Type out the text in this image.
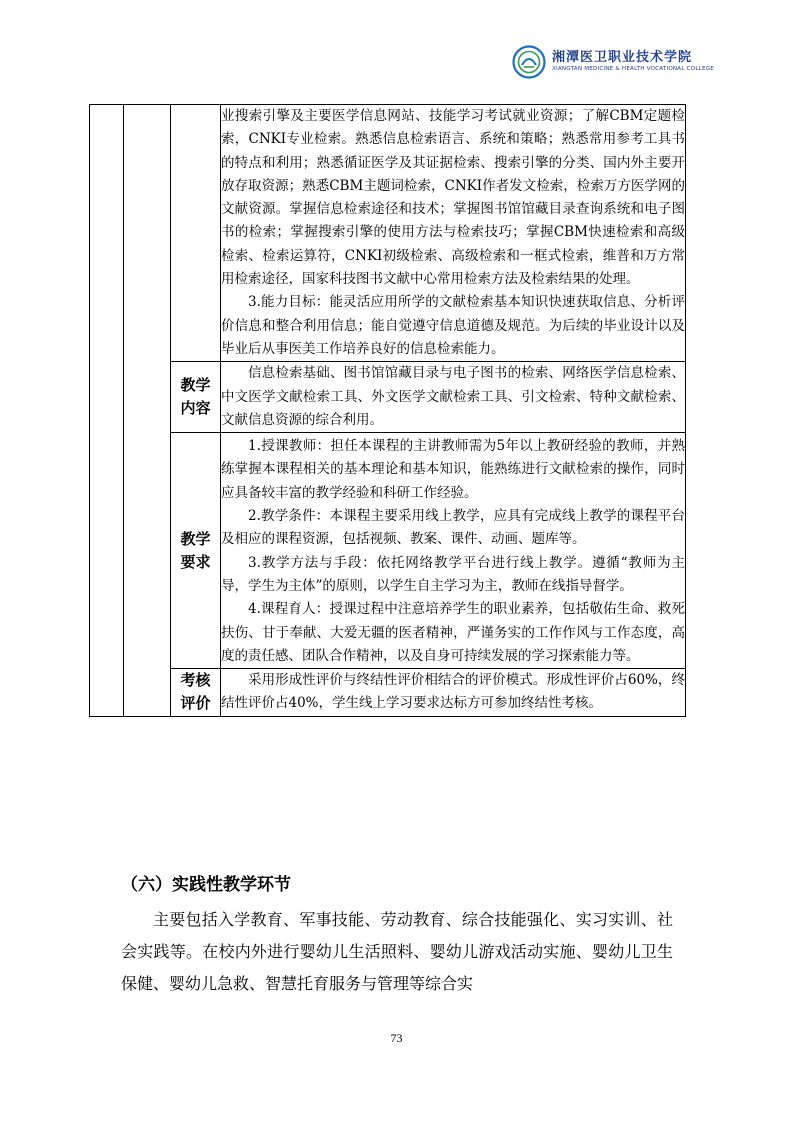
湘潭医卫职业技术学院
XIANGTAN MEDICINE & HEALTH VOCATIONAL COLLEGE

			业搜索引擎及主要医学信息网站、技能学习考试就业资源；了解CBM定题检索，CNKI专业检索。熟悉信息检索语言、系统和策略；熟悉常用参考工具书的特点和利用；熟悉循证医学及其证据检索、搜索引擎的分类、国内外主要开放存取资源；熟悉CBM主题词检索，CNKI作者发文检索，检索万方医学网的文献资源。掌握信息检索途径和技术；掌握图书馆馆藏目录查询系统和电子图书的检索；掌握搜索引擎的使用方法与检索技巧；掌握CBM快速检索和高级检索、检索运算符，CNKI初级检索、高级检索和一框式检索，维普和万方常用检索途径，国家科技图书文献中心常用检索方法及检索结果的处理。

3.能力目标：能灵活应用所学的文献检索基本知识快速获取信息、分析评价信息和整合利用信息；能自觉遵守信息道德及规范。为后续的毕业设计以及毕业后从事医美工作培养良好的信息检索能力。

		教学内容	信息检索基础、图书馆馆藏目录与电子图书的检索、网络医学信息检索、中文医学文献检索工具、外文医学文献检索工具、引文检索、特种文献检索、文献信息资源的综合利用。

		教学要求	1.授课教师：担任本课程的主讲教师需为5年以上教研经验的教师，并熟练掌握本课程相关的基本理论和基本知识，能熟练进行文献检索的操作，同时应具备较丰富的教学经验和科研工作经验。

2.教学条件：本课程主要采用线上教学，应具有完成线上教学的课程平台及相应的课程资源，包括视频、教案、课件、动画、题库等。

3.教学方法与手段：依托网络教学平台进行线上教学。遵循“教师为主导，学生为主体”的原则，以学生自主学习为主，教师在线指导督学。

4.课程育人：授课过程中注意培养学生的职业素养，包括敬佑生命、救死扶伤、甘于奉献、大爱无疆的医者精神，严谨务实的工作作风与工作态度，高度的责任感、团队合作精神，以及自身可持续发展的学习探索能力等。

		考核评价	采用形成性评价与终结性评价相结合的评价模式。形成性评价占60%，终结性评价占40%，学生线上学习要求达标方可参加终结性考核。

（六）实践性教学环节
主要包括入学教育、军事技能、劳动教育、综合技能强化、实习实训、社会实践等。在校内外进行婴幼儿生活照料、婴幼儿游戏活动实施、婴幼儿卫生保健、婴幼儿急救、智慧托育服务与管理等综合实
73
